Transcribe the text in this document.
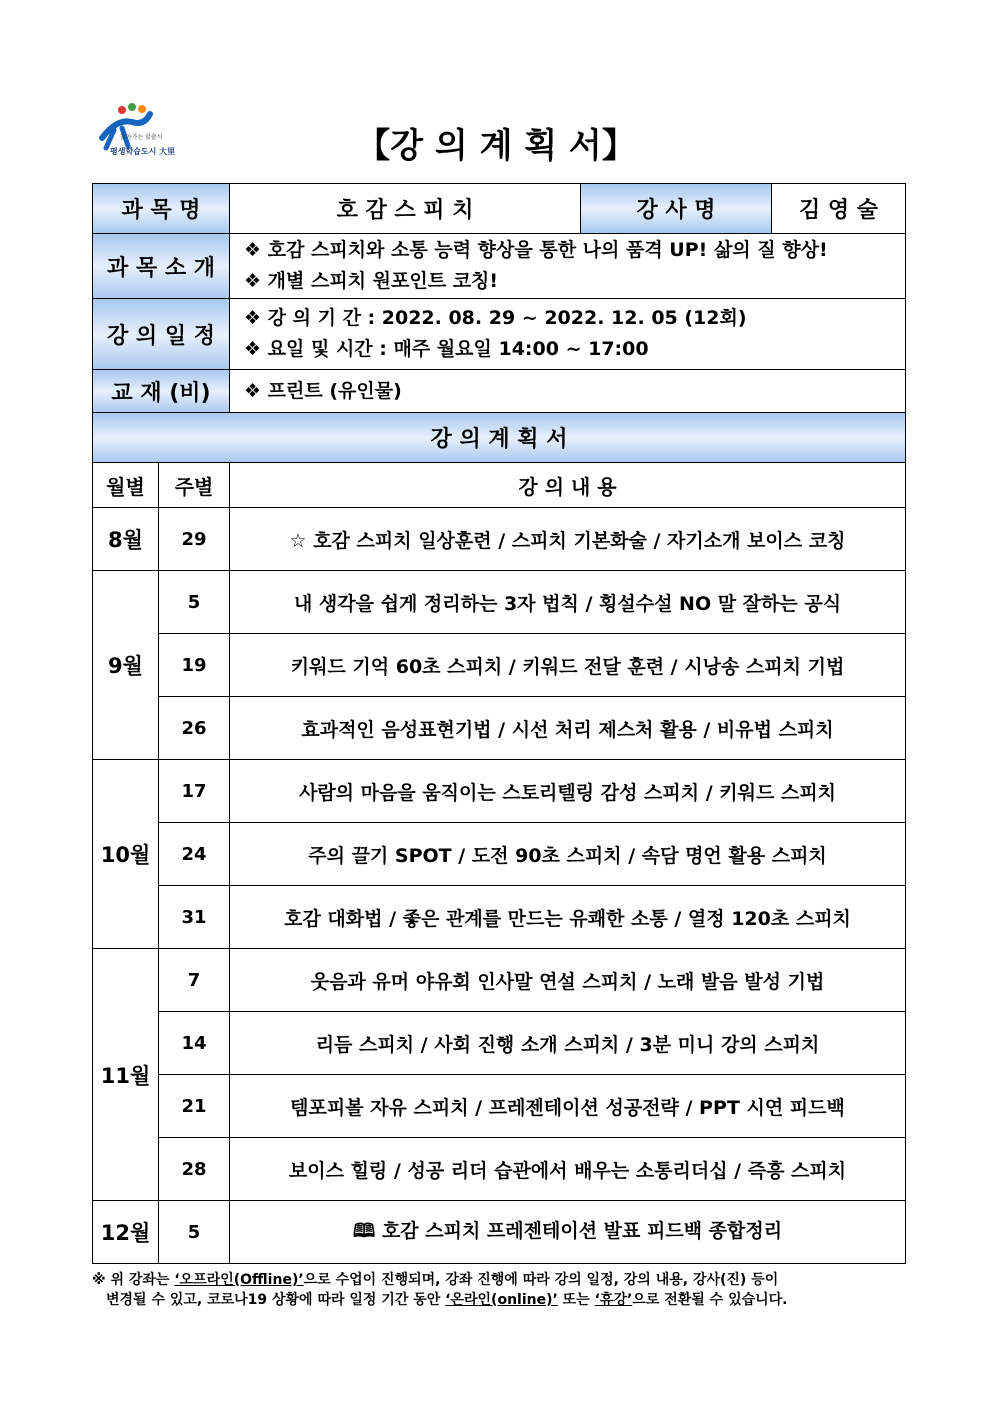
찾아가는 맞춤식
평생학습도시 大里	【강 의 계 획 서】
과 목 명		호 감 스 피 치	강 사 명	김 영 술
과 목 소 개		❖ 호감 스피치와 소통 능력 향상을 통한 나의 품격 UP! 삶의 질 향상!
❖ 개별 스피치 원포인트 코칭!		

강 의 일 정		❖ 강 의 기 간 : 2022. 08. 29 ~ 2022. 12. 05 (12회)
❖ 요일 및 시간 : 매주 월요일 14:00 ~ 17:00		

교 재 (비)		❖ 프린트 (유인물)		
강 의 계 획 서				
월별	주별	강 의 내 용		
8월	29	☆ 호감 스피치 일상훈련 / 스피치 기본화술 / 자기소개 보이스 코칭		
9월	5	내 생각을 쉽게 정리하는 3자 법칙 / 횡설수설 NO 말 잘하는 공식		
	19	키워드 기억 60초 스피치 / 키워드 전달 훈련 / 시낭송 스피치 기법		
	26	효과적인 음성표현기법 / 시선 처리 제스처 활용 / 비유법 스피치		
10월	17	사람의 마음을 움직이는 스토리텔링 감성 스피치 / 키워드 스피치		
	24	주의 끌기 SPOT / 도전 90초 스피치 / 속담 명언 활용 스피치		
	31	호감 대화법 / 좋은 관계를 만드는 유쾌한 소통 / 열정 120초 스피치		
11월	7	웃음과 유머 야유회 인사말 연설 스피치 / 노래 발음 발성 기법		
	14	리듬 스피치 / 사회 진행 소개 스피치 / 3분 미니 강의 스피치		
	21	템포피볼 자유 스피치 / 프레젠테이션 성공전략 / PPT 시연 피드백		
	28	보이스 힐링 / 성공 리더 습관에서 배우는 소통리더십 / 즉흥 스피치		
12월	5	🕮 호감 스피치 프레젠테이션 발표 피드백 종합정리		
※ 위 강좌는 ‘오프라인(Offline)’으로 수업이 진행되며, 강좌 진행에 따라 강의 일정, 강의 내용, 강사(진) 등이
변경될 수 있고, 코로나19 상황에 따라 일정 기간 동안 ‘온라인(online)’ 또는 ‘휴강’으로 전환될 수 있습니다.
